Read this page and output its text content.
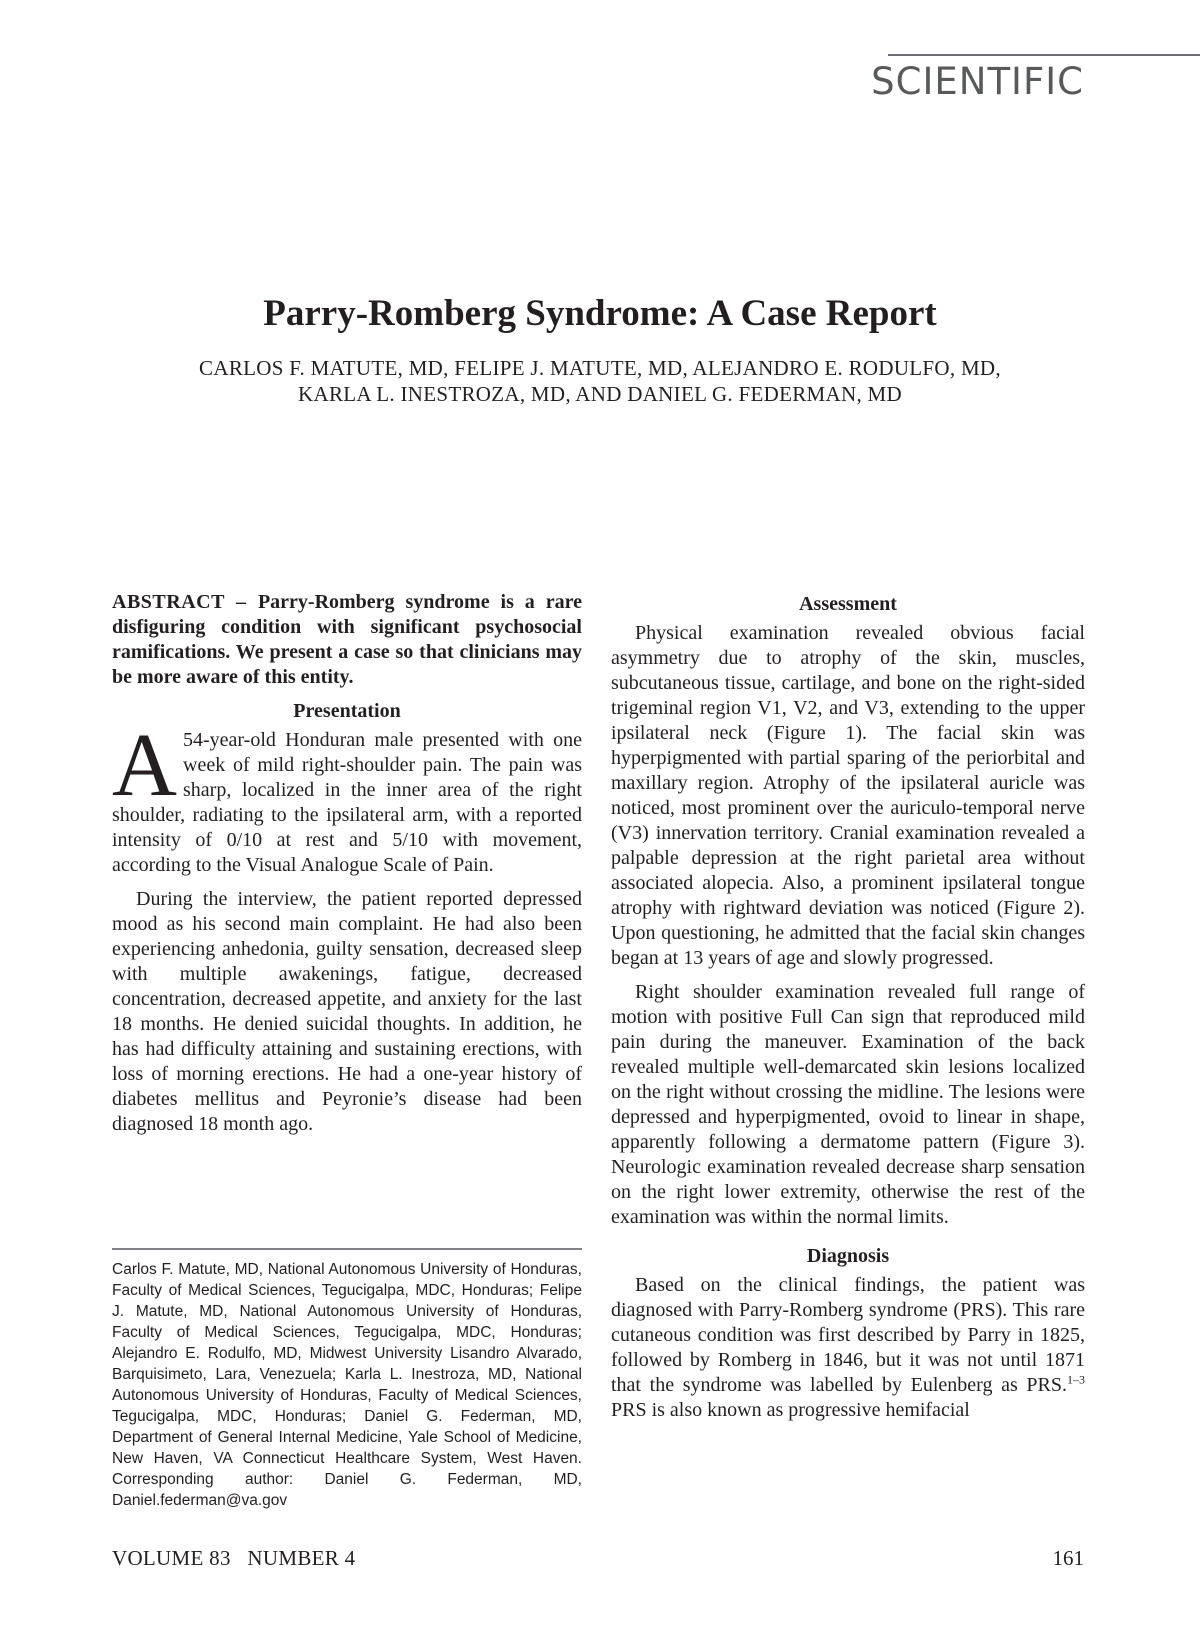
SCIENTIFIC
Parry-Romberg Syndrome: A Case Report
CARLOS F. MATUTE, MD, FELIPE J. MATUTE, MD, ALEJANDRO E. RODULFO, MD,
KARLA L. INESTROZA, MD, AND DANIEL G. FEDERMAN, MD

ABSTRACT – Parry-Romberg syndrome is a rare disfiguring condition with significant psychosocial ramifications. We present a case so that clinicians may be more aware of this entity.

Presentation

A 54-year-old Honduran male presented with one week of mild right-shoulder pain. The pain was sharp, localized in the inner area of the right shoulder, radiating to the ipsilateral arm, with a reported intensity of 0/10 at rest and 5/10 with movement, according to the Visual Analogue Scale of Pain.

During the interview, the patient reported depressed mood as his second main complaint. He had also been experiencing anhedonia, guilty sensation, decreased sleep with multiple awakenings, fatigue, decreased concentration, decreased appetite, and anxiety for the last 18 months. He denied suicidal thoughts. In addition, he has had difficulty attaining and sustaining erections, with loss of morning erections. He had a one-year history of diabetes mellitus and Peyronie’s disease had been diagnosed 18 month ago.

Carlos F. Matute, MD, National Autonomous University of Honduras, Faculty of Medical Sciences, Tegucigalpa, MDC, Honduras; Felipe J. Matute, MD, National Autonomous University of Honduras, Faculty of Medical Sciences, Tegucigalpa, MDC, Honduras; Alejandro E. Rodulfo, MD, Midwest University Lisandro Alvarado, Barquisimeto, Lara, Venezuela; Karla L. Inestroza, MD, National Autonomous University of Honduras, Faculty of Medical Sciences, Tegucigalpa, MDC, Honduras; Daniel G. Federman, MD, Department of General Internal Medicine, Yale School of Medicine, New Haven, VA Connecticut Healthcare System, West Haven. Corresponding author: Daniel G. Federman, MD, Daniel.federman@va.gov
Assessment

Physical examination revealed obvious facial asymmetry due to atrophy of the skin, muscles, subcutaneous tissue, cartilage, and bone on the right-sided trigeminal region V1, V2, and V3, extending to the upper ipsilateral neck (Figure 1). The facial skin was hyperpigmented with partial sparing of the periorbital and maxillary region. Atrophy of the ipsilateral auricle was noticed, most prominent over the auriculo-temporal nerve (V3) innervation territory. Cranial examination revealed a palpable depression at the right parietal area without associated alopecia. Also, a prominent ipsilateral tongue atrophy with rightward deviation was noticed (Figure 2). Upon questioning, he admitted that the facial skin changes began at 13 years of age and slowly progressed.

Right shoulder examination revealed full range of motion with positive Full Can sign that reproduced mild pain during the maneuver. Examination of the back revealed multiple well-demarcated skin lesions localized on the right without crossing the midline. The lesions were depressed and hyperpigmented, ovoid to linear in shape, apparently following a dermatome pattern (Figure 3). Neurologic examination revealed decrease sharp sensation on the right lower extremity, otherwise the rest of the examination was within the normal limits.

Diagnosis

Based on the clinical findings, the patient was diagnosed with Parry-Romberg syndrome (PRS). This rare cutaneous condition was first described by Parry in 1825, followed by Romberg in 1846, but it was not until 1871 that the syndrome was labelled by Eulenberg as PRS.$^{1-3}$ PRS is also known as progressive hemifacial

VOLUME 83   NUMBER 4	161
